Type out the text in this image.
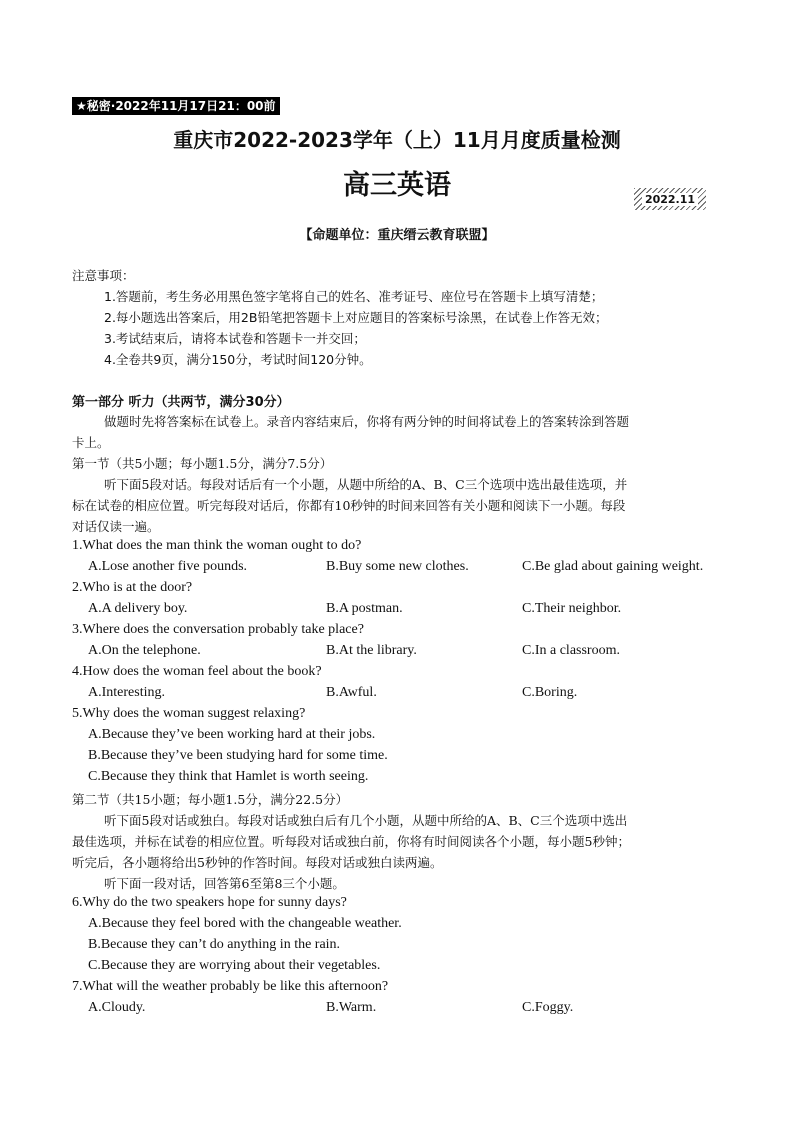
★秘密·2022年11月17日21：00前
重庆市2022-2023学年（上）11月月度质量检测
高三英语	2022.11
【命题单位：重庆缙云教育联盟】
注意事项：
1.答题前，考生务必用黑色签字笔将自己的姓名、准考证号、座位号在答题卡上填写清楚；
2.每小题选出答案后，用2B铅笔把答题卡上对应题目的答案标号涂黑，在试卷上作答无效；
3.考试结束后，请将本试卷和答题卡一并交回；
4.全卷共9页，满分150分，考试时间120分钟。
第一部分 听力（共两节，满分30分）
做题时先将答案标在试卷上。录音内容结束后，你将有两分钟的时间将试卷上的答案转涂到答题
卡上。
第一节（共5小题；每小题1.5分，满分7.5分）
听下面5段对话。每段对话后有一个小题，从题中所给的A、B、C三个选项中选出最佳选项，并
标在试卷的相应位置。听完每段对话后，你都有10秒钟的时间来回答有关小题和阅读下一小题。每段
对话仅读一遍。
1.What does the man think the woman ought to do?
A.Lose another five pounds.	B.Buy some new clothes.	C.Be glad about gaining weight.
2.Who is at the door?
A.A delivery boy.	B.A postman.	C.Their neighbor.
3.Where does the conversation probably take place?
A.On the telephone.	B.At the library.	C.In a classroom.
4.How does the woman feel about the book?
A.Interesting.	B.Awful.	C.Boring.
5.Why does the woman suggest relaxing?
A.Because they’ve been working hard at their jobs.
B.Because they’ve been studying hard for some time.
C.Because they think that Hamlet is worth seeing.
第二节（共15小题；每小题1.5分，满分22.5分）
听下面5段对话或独白。每段对话或独白后有几个小题，从题中所给的A、B、C三个选项中选出
最佳选项，并标在试卷的相应位置。听每段对话或独白前，你将有时间阅读各个小题，每小题5秒钟；
听完后，各小题将给出5秒钟的作答时间。每段对话或独白读两遍。
听下面一段对话，回答第6至第8三个小题。
6.Why do the two speakers hope for sunny days?
A.Because they feel bored with the changeable weather.
B.Because they can’t do anything in the rain.
C.Because they are worrying about their vegetables.
7.What will the weather probably be like this afternoon?
A.Cloudy.	B.Warm.	C.Foggy.
